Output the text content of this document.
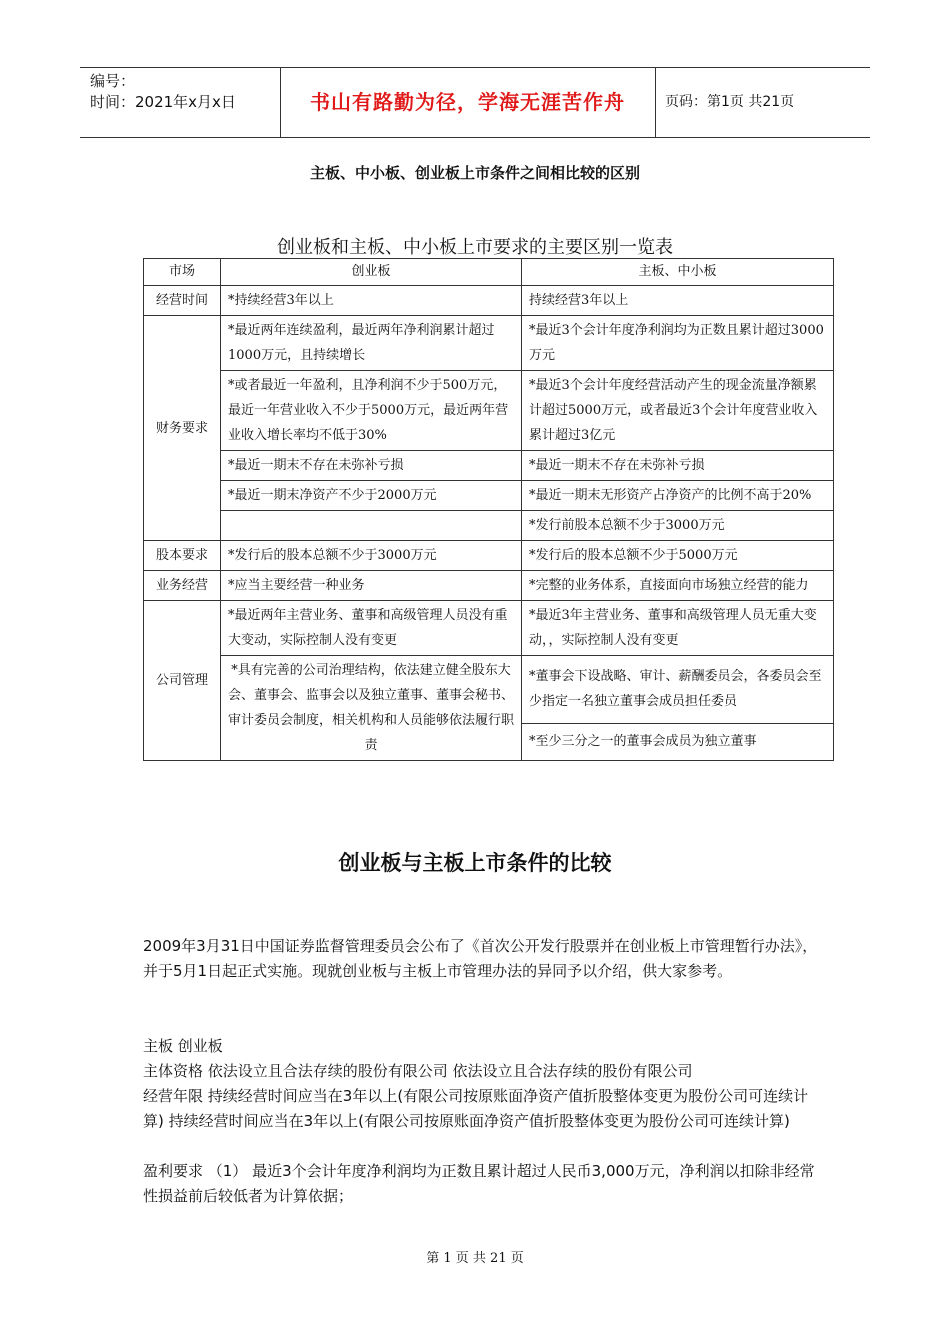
编号：
时间：2021年x月x日	书山有路勤为径，学海无涯苦作舟	页码：第1页 共21页
主板、中小板、创业板上市条件之间相比较的区别
创业板和主板、中小板上市要求的主要区别一览表
市场	创业板	主板、中小板
经营时间	*持续经营3年以上	持续经营3年以上
财务要求	*最近两年连续盈利，最近两年净利润累计超过1000万元，且持续增长	*最近3个会计年度净利润均为正数且累计超过3000万元
	*或者最近一年盈利，且净利润不少于500万元，最近一年营业收入不少于5000万元，最近两年营业收入增长率均不低于30%	*最近3个会计年度经营活动产生的现金流量净额累计超过5000万元，或者最近3个会计年度营业收入累计超过3亿元
	*最近一期末不存在未弥补亏损	*最近一期末不存在未弥补亏损
	*最近一期末净资产不少于2000万元	*最近一期末无形资产占净资产的比例不高于20%
		*发行前股本总额不少于3000万元
股本要求	*发行后的股本总额不少于3000万元	*发行后的股本总额不少于5000万元
业务经营	*应当主要经营一种业务	*完整的业务体系，直接面向市场独立经营的能力
公司管理	*最近两年主营业务、董事和高级管理人员没有重大变动，实际控制人没有变更	*最近3年主营业务、董事和高级管理人员无重大变动，，实际控制人没有变更
	*具有完善的公司治理结构，依法建立健全股东大会、董事会、监事会以及独立董事、董事会秘书、审计委员会制度，相关机构和人员能够依法履行职责	*董事会下设战略、审计、薪酬委员会，各委员会至少指定一名独立董事会成员担任委员
		*至少三分之一的董事会成员为独立董事
创业板与主板上市条件的比较
2009年3月31日中国证券监督管理委员会公布了《首次公开发行股票并在创业板上市管理暂行办法》，并于5月1日起正式实施。现就创业板与主板上市管理办法的异同予以介绍，供大家参考。
主板 创业板
主体资格 依法设立且合法存续的股份有限公司 依法设立且合法存续的股份有限公司
经营年限 持续经营时间应当在3年以上(有限公司按原账面净资产值折股整体变更为股份公司可连续计算) 持续经营时间应当在3年以上(有限公司按原账面净资产值折股整体变更为股份公司可连续计算)
盈利要求 （1） 最近3个会计年度净利润均为正数且累计超过人民币3,000万元，净利润以扣除非经常性损益前后较低者为计算依据；
第 1 页 共 21 页
